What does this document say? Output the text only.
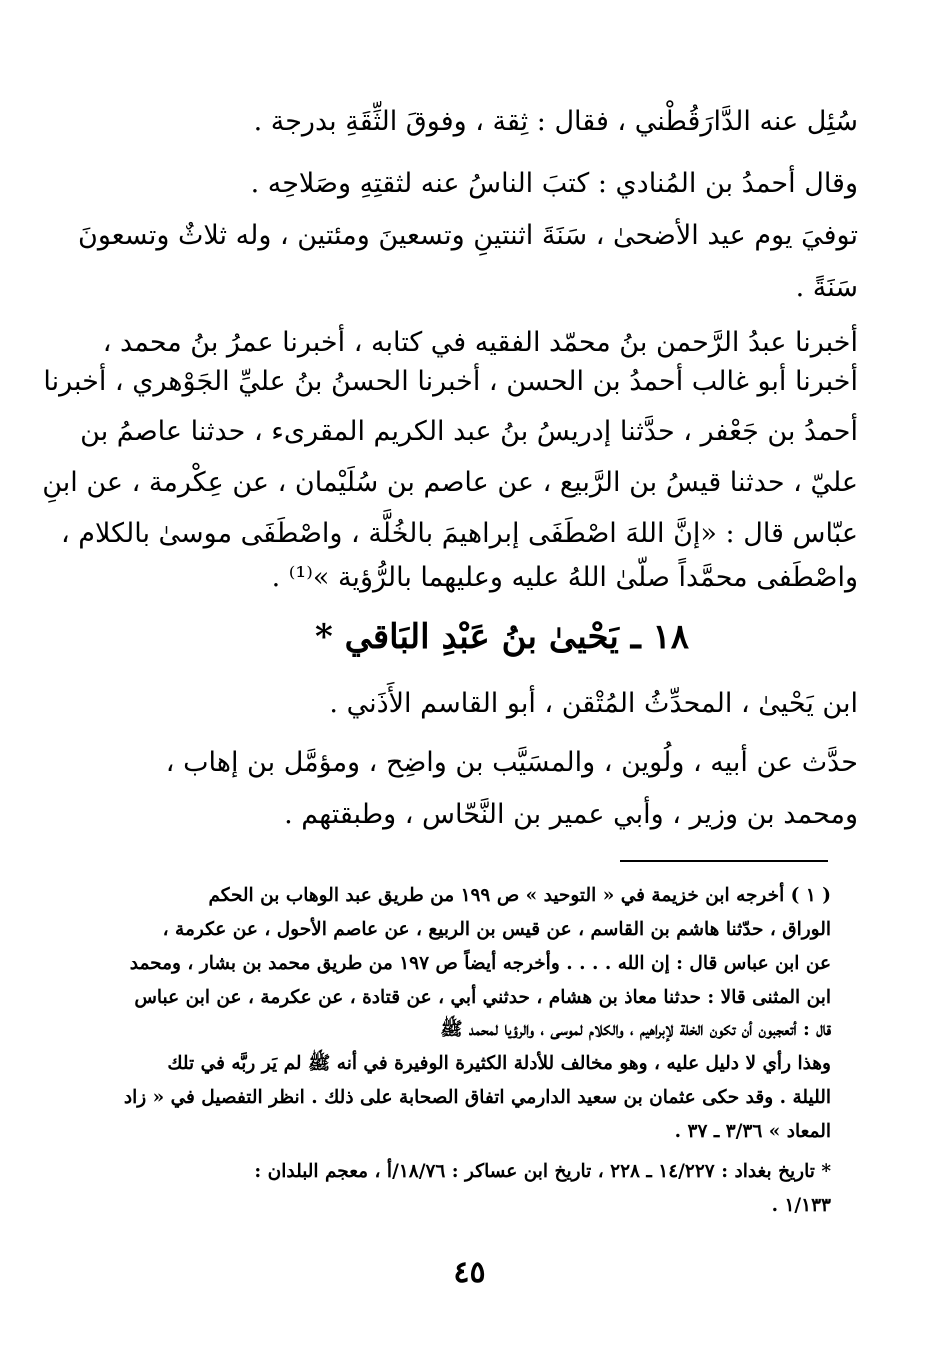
سُئِل عنه الدَّارَقُطْني ، فقال : ثِقة ، وفوقَ الثِّقَةِ بدرجة .
وقال أحمدُ بن المُنادي : كتبَ الناسُ عنه لثقتِهِ وصَلاحِه .
توفيَ يوم عيد الأضحىٰ ، سَنَةَ اثنتينِ وتسعينَ ومئتين ، وله ثلاثٌ وتسعونَ
سَنَةً .
أخبرنا عبدُ الرَّحمن بنُ محمّد الفقيه في كتابه ، أخبرنا عمرُ بنُ محمد ،
أخبرنا أبو غالب أحمدُ بن الحسن ، أخبرنا الحسنُ بنُ عليِّ الجَوْهري ، أخبرنا
أحمدُ بن جَعْفر ، حدَّثنا إدريسُ بنُ عبد الكريم المقرىء ، حدثنا عاصمُ بن
عليّ ، حدثنا قيسُ بن الرَّبيع ، عن عاصم بن سُلَيْمان ، عن عِكْرمة ، عن ابنِ
عبّاس قال : «إنَّ اللهَ اصْطَفَى إبراهيمَ بالخُلَّة ، واصْطَفَى موسىٰ بالكلام ،
واصْطَفى محمَّداً صلّىٰ اللهُ عليه وعليهما بالرُّؤية »⁽¹⁾ .
١٨ ـ يَحْيىٰ بنُ عَبْدِ البَاقي *
ابن يَحْيىٰ ، المحدِّثُ المُتْقن ، أبو القاسم الأَذَني .
حدَّث عن أبيه ، ولُوين ، والمسَيَّب بن واضِح ، ومؤمَّل بن إهاب ،
ومحمد بن وزير ، وأبي عمير بن النَّحّاس ، وطبقتهم .
( ١ ) أخرجه ابن خزيمة في « التوحيد » ص ١٩٩ من طريق عبد الوهاب بن الحكم
الوراق ، حدّثنا هاشم بن القاسم ، عن قيس بن الربيع ، عن عاصم الأحول ، عن عكرمة ،
عن ابن عباس قال : إن الله . . . . وأخرجه أيضاً ص ١٩٧ من طريق محمد بن بشار ، ومحمد
ابن المثنى قالا : حدثنا معاذ بن هشام ، حدثني أبي ، عن قتادة ، عن عكرمة ، عن ابن عباس
قال : أتعجبون أن تكون الخلة لإبراهيم ، والكلام لموسى ، والرؤيا لمحمد ﷺ
وهذا رأي لا دليل عليه ، وهو مخالف للأدلة الكثيرة الوفيرة في أنه ﷺ لم يَر ربَّه في تلك
الليلة . وقد حكى عثمان بن سعيد الدارمي اتفاق الصحابة على ذلك . انظر التفصيل في « زاد
المعاد » ٣/٣٦ ـ ٣٧ .
* تاريخ بغداد : ١٤/٢٢٧ ـ ٢٢٨ ، تاريخ ابن عساكر : ١٨/٧٦/أ ، معجم البلدان :
١/١٣٣ .
٤٥
